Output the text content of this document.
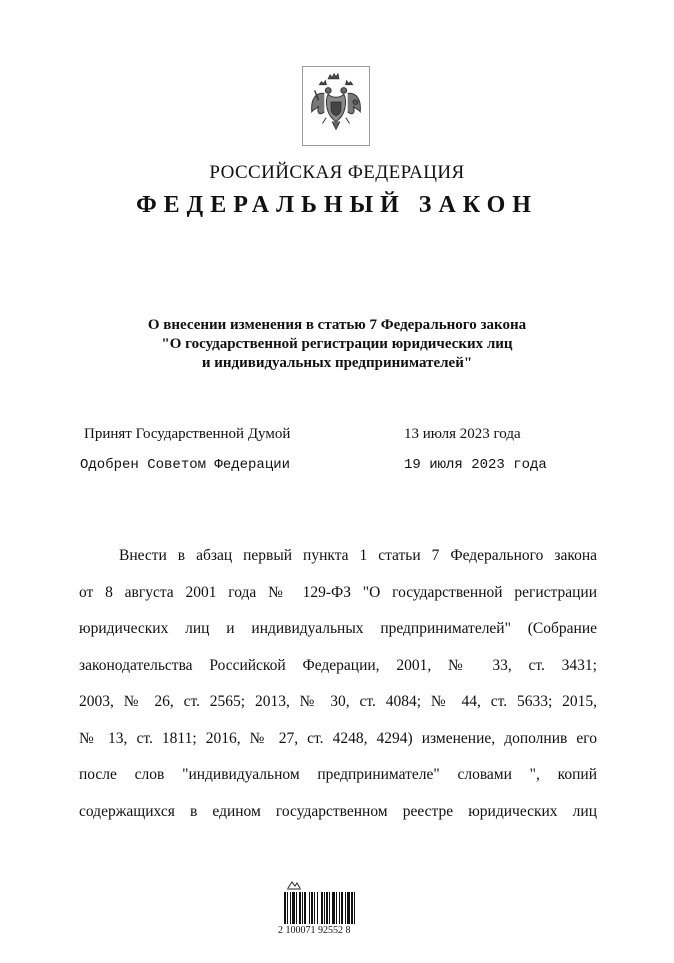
РОССИЙСКАЯ ФЕДЕРАЦИЯ
ФЕДЕРАЛЬНЫЙ ЗАКОН
О внесении изменения в статью 7 Федерального закона
"О государственной регистрации юридических лиц
и индивидуальных предпринимателей"
Принят Государственной Думой	13 июля 2023 года
Одобрен Советом Федерации	19 июля 2023 года
Внести в абзац первый пункта 1 статьи 7 Федерального закона
от 8 августа 2001 года № 129-ФЗ "О государственной регистрации
юридических лиц и индивидуальных предпринимателей" (Собрание
законодательства Российской Федерации, 2001, № 33, ст. 3431;
2003, № 26, ст. 2565; 2013, № 30, ст. 4084; № 44, ст. 5633; 2015,
№ 13, ст. 1811; 2016, № 27, ст. 4248, 4294) изменение, дополнив его
после слов "индивидуальном предпринимателе" словами ", копий
содержащихся в едином государственном реестре юридических лиц
2 100071 92552 8
